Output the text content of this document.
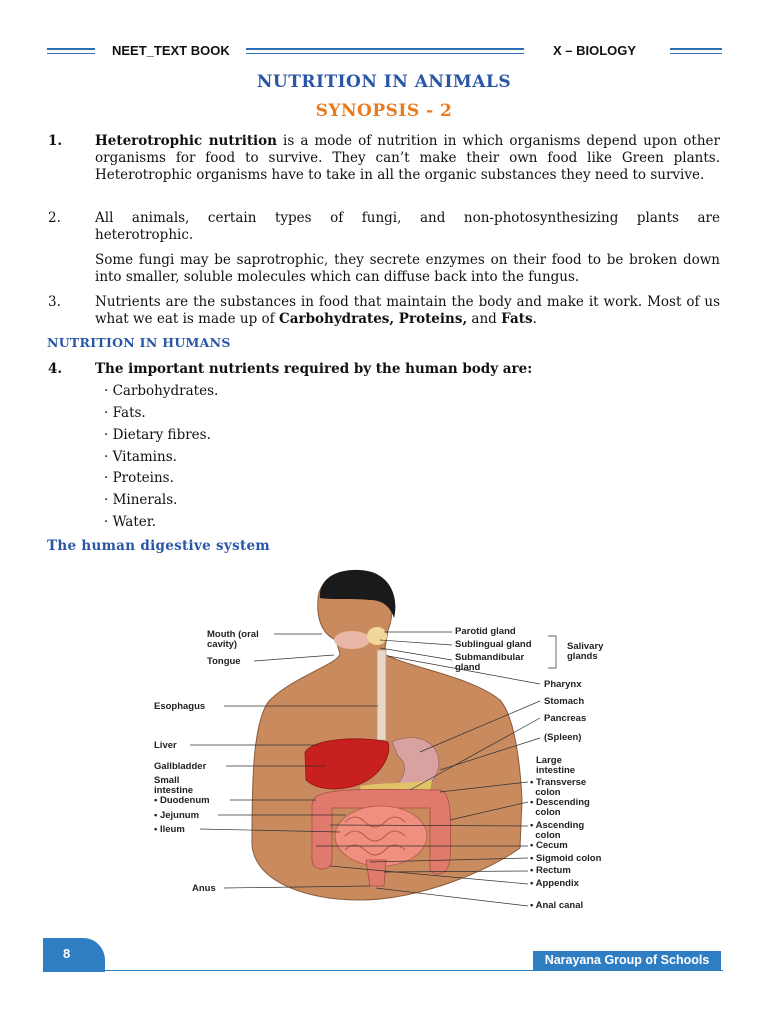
NEET_TEXT BOOK	X – BIOLOGY
NUTRITION IN ANIMALS
SYNOPSIS - 2
1. Heterotrophic nutrition is a mode of nutrition in which organisms depend upon other organisms for food to survive. They can’t make their own food like Green plants. Heterotrophic organisms have to take in all the organic substances they need to survive.
2.	All animals, certain types of fungi, and non-photosynthesizing plants are heterotrophic.
Some fungi may be saprotrophic, they secrete enzymes on their food to be broken down into smaller, soluble molecules which can diffuse back into the fungus.
3.	Nutrients are the substances in food that maintain the body and make it work. Most of us what we eat is made up of Carbohydrates, Proteins, and Fats.
NUTRITION IN HUMANS
4. The important nutrients required by the human body are:
· Carbohydrates.
· Fats.
· Dietary fibres.
· Vitamins.
· Proteins.
· Minerals.
· Water.
The human digestive system
Mouth (oral
cavity)
Tongue
Esophagus
Liver
Gallbladder
Small
intestine
• Duodenum
• Jejunum
• Ileum
Anus
Parotid gland
Sublingual gland
Submandibular
gland
Salivary
glands
Pharynx
Stomach
Pancreas
(Spleen)
Large
intestine
• Transverse
colon
• Descending
colon
• Ascending
colon
• Cecum
• Sigmoid colon
• Rectum
• Appendix
• Anal canal
8	Narayana Group of Schools
